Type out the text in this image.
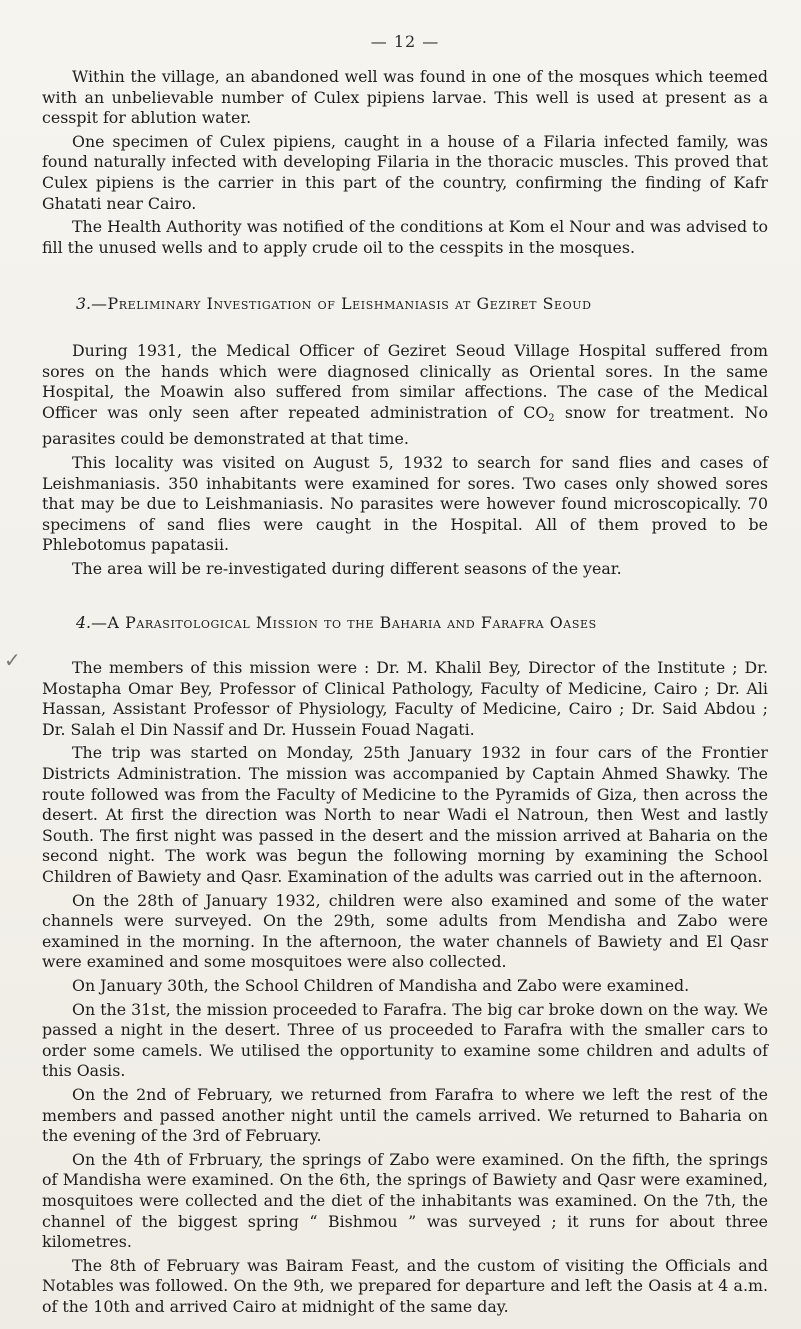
✓
— 12 —

Within the village, an abandoned well was found in one of the mosques which teemed with an unbelievable number of Culex pipiens larvae. This well is used at present as a cesspit for ablution water.

One specimen of Culex pipiens, caught in a house of a Filaria infected family, was found naturally infected with developing Filaria in the thoracic muscles. This proved that Culex pipiens is the carrier in this part of the country, confirming the finding of Kafr Ghatati near Cairo.

The Health Authority was notified of the conditions at Kom el Nour and was advised to fill the unused wells and to apply crude oil to the cesspits in the mosques.

3.—Preliminary Investigation of Leishmaniasis at Geziret Seoud

During 1931, the Medical Officer of Geziret Seoud Village Hospital suffered from sores on the hands which were diagnosed clinically as Oriental sores. In the same Hospital, the Moawin also suffered from similar affections. The case of the Medical Officer was only seen after repeated administration of $CO_2$ snow for treatment. No parasites could be demonstrated at that time.

This locality was visited on August 5, 1932 to search for sand flies and cases of Leishmaniasis. 350 inhabitants were examined for sores. Two cases only showed sores that may be due to Leishmaniasis. No parasites were however found microscopically. 70 specimens of sand flies were caught in the Hospital. All of them proved to be Phlebotomus papatasii.

The area will be re-investigated during different seasons of the year.

4.—A Parasitological Mission to the Baharia and Farafra Oases

The members of this mission were : Dr. M. Khalil Bey, Director of the Institute ; Dr. Mostapha Omar Bey, Professor of Clinical Pathology, Faculty of Medicine, Cairo ; Dr. Ali Hassan, Assistant Professor of Physiology, Faculty of Medicine, Cairo ; Dr. Said Abdou ; Dr. Salah el Din Nassif and Dr. Hussein Fouad Nagati.

The trip was started on Monday, 25th January 1932 in four cars of the Frontier Districts Administration. The mission was accompanied by Captain Ahmed Shawky. The route followed was from the Faculty of Medicine to the Pyramids of Giza, then across the desert. At first the direction was North to near Wadi el Natroun, then West and lastly South. The first night was passed in the desert and the mission arrived at Baharia on the second night. The work was begun the following morning by examining the School Children of Bawiety and Qasr. Examination of the adults was carried out in the afternoon.

On the 28th of January 1932, children were also examined and some of the water channels were surveyed. On the 29th, some adults from Mendisha and Zabo were examined in the morning. In the afternoon, the water channels of Bawiety and El Qasr were examined and some mosquitoes were also collected.

On January 30th, the School Children of Mandisha and Zabo were examined.

On the 31st, the mission proceeded to Farafra. The big car broke down on the way. We passed a night in the desert. Three of us proceeded to Farafra with the smaller cars to order some camels. We utilised the opportunity to examine some children and adults of this Oasis.

On the 2nd of February, we returned from Farafra to where we left the rest of the members and passed another night until the camels arrived. We returned to Baharia on the evening of the 3rd of February.

On the 4th of Frbruary, the springs of Zabo were examined. On the fifth, the springs of Mandisha were examined. On the 6th, the springs of Bawiety and Qasr were examined, mosquitoes were collected and the diet of the inhabitants was examined. On the 7th, the channel of the biggest spring “ Bishmou ” was surveyed ; it runs for about three kilometres.

The 8th of February was Bairam Feast, and the custom of visiting the Officials and Notables was followed. On the 9th, we prepared for departure and left the Oasis at 4 a.m. of the 10th and arrived Cairo at midnight of the same day.
